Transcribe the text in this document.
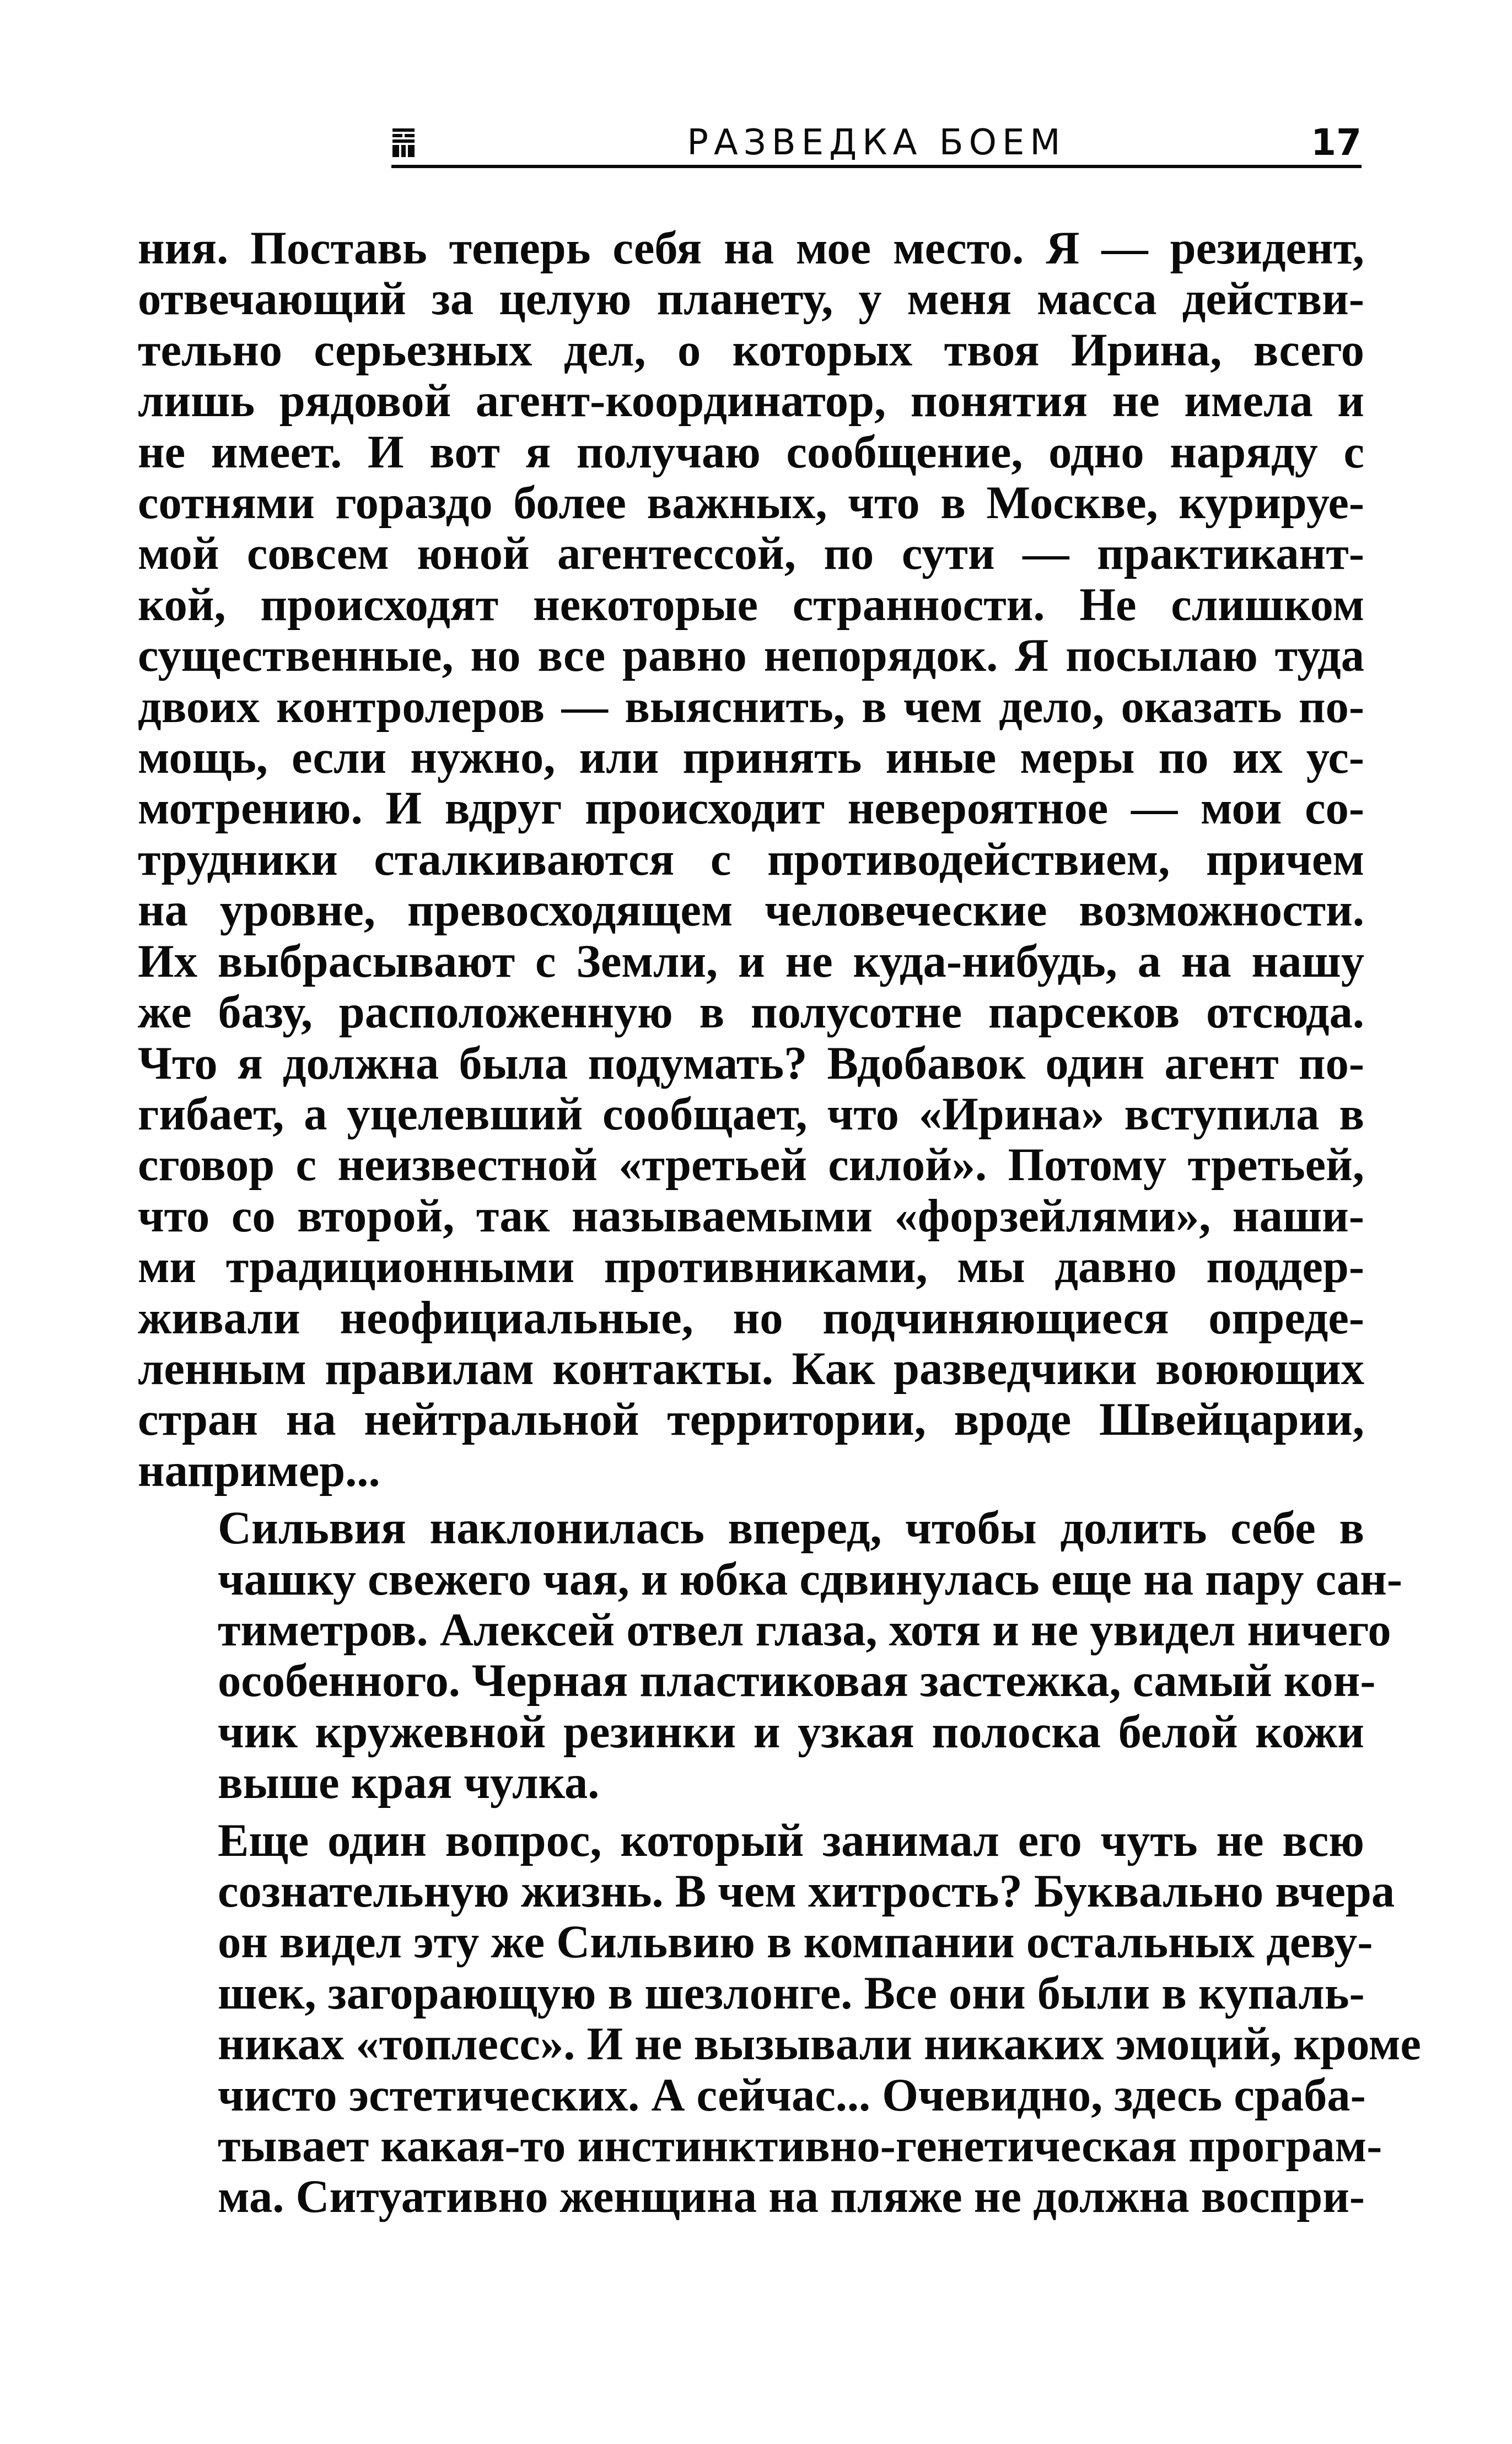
РАЗВЕДКА БОЕМ	17

ния. Поставь теперь себя на мое место. Я — резидент,
отвечающий за целую планету, у меня масса действи-
тельно серьезных дел, о которых твоя Ирина, всего
лишь рядовой агент-координатор, понятия не имела и
не имеет. И вот я получаю сообщение, одно наряду с
сотнями гораздо более важных, что в Москве, курируе-
мой совсем юной агентессой, по сути — практикант-
кой, происходят некоторые странности. Не слишком
существенные, но все равно непорядок. Я посылаю туда
двоих контролеров — выяснить, в чем дело, оказать по-
мощь, если нужно, или принять иные меры по их ус-
мотрению. И вдруг происходит невероятное — мои со-
трудники сталкиваются с противодействием, причем
на уровне, превосходящем человеческие возможности.
Их выбрасывают с Земли, и не куда-нибудь, а на нашу
же базу, расположенную в полусотне парсеков отсюда.
Что я должна была подумать? Вдобавок один агент по-
гибает, а уцелевший сообщает, что «Ирина» вступила в
сговор с неизвестной «третьей силой». Потому третьей,
что со второй, так называемыми «форзейлями», наши-
ми традиционными противниками, мы давно поддер-
живали неофициальные, но подчиняющиеся опреде-
ленным правилам контакты. Как разведчики воюющих
стран на нейтральной территории, вроде Швейцарии,
например...

Сильвия наклонилась вперед, чтобы долить себе в
чашку свежего чая, и юбка сдвинулась еще на пару сан-
тиметров. Алексей отвел глаза, хотя и не увидел ничего
особенного. Черная пластиковая застежка, самый кон-
чик кружевной резинки и узкая полоска белой кожи
выше края чулка.

Еще один вопрос, который занимал его чуть не всю
сознательную жизнь. В чем хитрость? Буквально вчера
он видел эту же Сильвию в компании остальных деву-
шек, загорающую в шезлонге. Все они были в купаль-
никах «топлесс». И не вызывали никаких эмоций, кроме
чисто эстетических. А сейчас... Очевидно, здесь сраба-
тывает какая-то инстинктивно-генетическая програм-
ма. Ситуативно женщина на пляже не должна воспри-
